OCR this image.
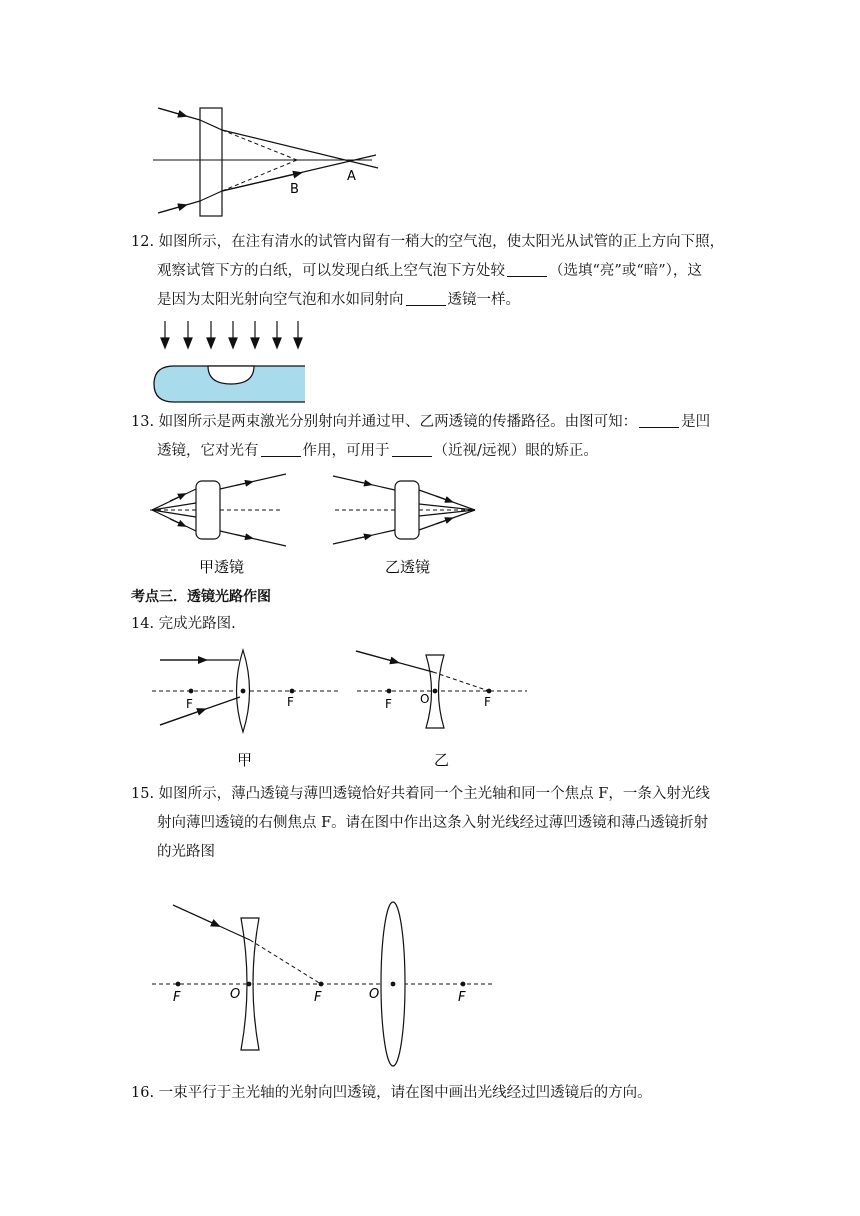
B
A
12. 如图所示，在注有清水的试管内留有一稍大的空气泡，使太阳光从试管的正上方向下照，
观察试管下方的白纸，可以发现白纸上空气泡下方处较	（选填“亮”或“暗”），这
是因为太阳光射向空气泡和水如同射向	透镜一样。
13. 如图所示是两束激光分别射向并通过甲、乙两透镜的传播路径。由图可知：	是凹
透镜，它对光有	作用，可用于	（近视/远视）眼的矫正。
甲透镜	乙透镜
考点三．透镜光路作图
14. 完成光路图.
F	F
甲
F O	F
乙
15. 如图所示，薄凸透镜与薄凹透镜恰好共着同一个主光轴和同一个焦点 F，一条入射光线
射向薄凹透镜的右侧焦点 F。请在图中作出这条入射光线经过薄凹透镜和薄凸透镜折射
的光路图
F	O	F	O	F
16. 一束平行于主光轴的光射向凹透镜，请在图中画出光线经过凹透镜后的方向。
